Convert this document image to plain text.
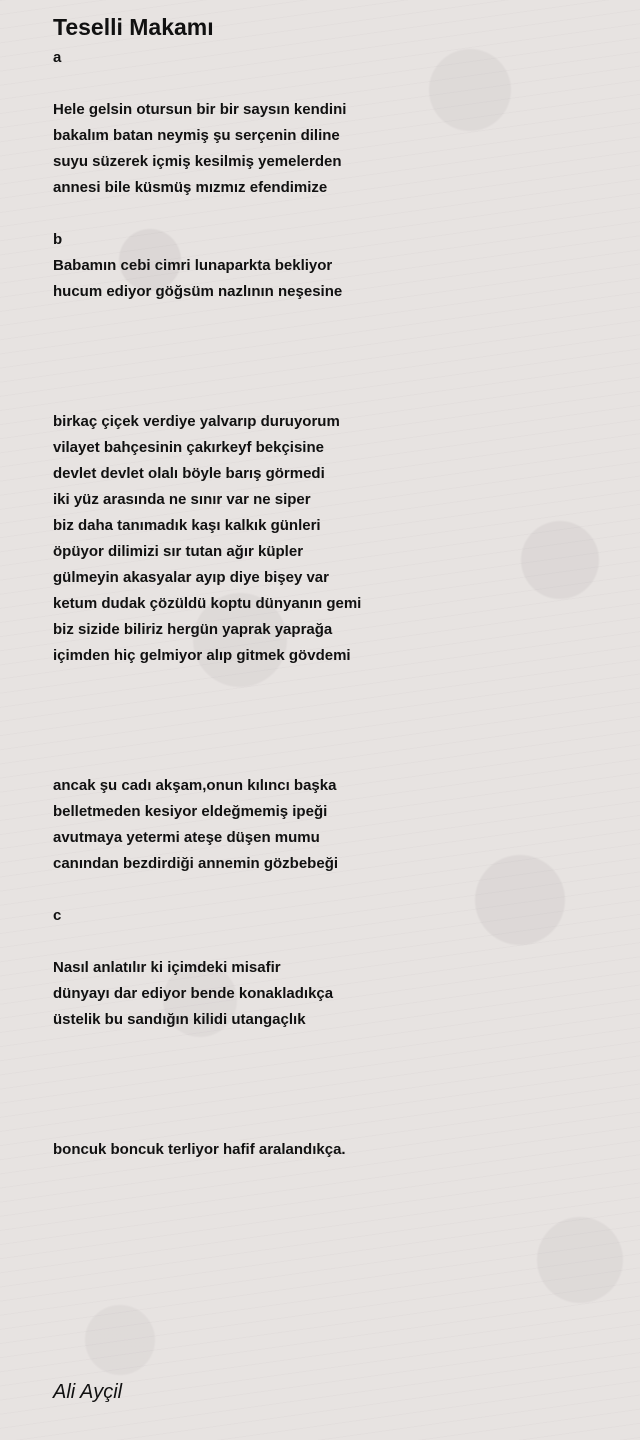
Teselli Makamı
a
Hele gelsin otursun bir bir saysın kendini
bakalım batan neymiş şu serçenin diline
suyu süzerek içmiş kesilmiş yemelerden
annesi bile küsmüş mızmız efendimize
b
Babamın cebi cimri lunaparkta bekliyor
hucum ediyor göğsüm nazlının neşesine
birkaç çiçek verdiye yalvarıp duruyorum
vilayet bahçesinin çakırkeyf bekçisine
devlet devlet olalı böyle barış görmedi
iki yüz arasında ne sınır var ne siper
biz daha tanımadık kaşı kalkık günleri
öpüyor dilimizi sır tutan ağır küpler
gülmeyin akasyalar ayıp diye bişey var
ketum dudak çözüldü koptu dünyanın gemi
biz sizide biliriz hergün yaprak yaprağa
içimden hiç gelmiyor alıp gitmek gövdemi
ancak şu cadı akşam,onun kılıncı başka
belletmeden kesiyor eldeğmemiş ipeği
avutmaya yetermi ateşe düşen mumu
canından bezdirdiği annemin gözbebeği
c
Nasıl anlatılır ki içimdeki misafir
dünyayı dar ediyor bende konakladıkça
üstelik bu sandığın kilidi utangaçlık
boncuk boncuk terliyor hafif aralandıkça.
Ali Ayçil
